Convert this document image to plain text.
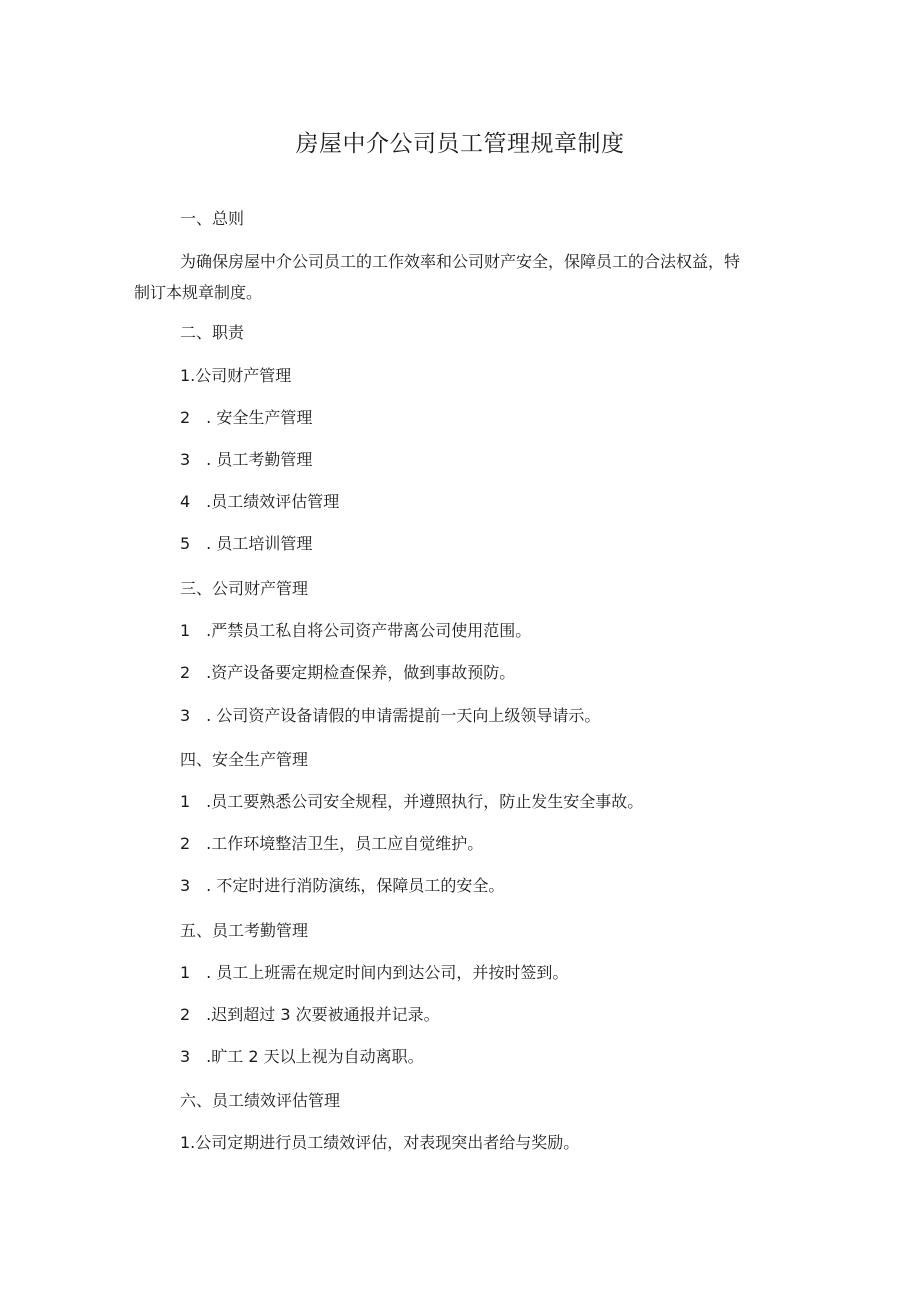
房屋中介公司员工管理规章制度
一、总则
为确保房屋中介公司员工的工作效率和公司财产安全，保障员工的合法权益，特
制订本规章制度。
二、职责
1.公司财产管理
2　. 安全生产管理
3　. 员工考勤管理
4　.员工绩效评估管理
5　. 员工培训管理
三、公司财产管理
1　.严禁员工私自将公司资产带离公司使用范围。
2　.资产设备要定期检查保养，做到事故预防。
3　. 公司资产设备请假的申请需提前一天向上级领导请示。
四、安全生产管理
1　.员工要熟悉公司安全规程，并遵照执行，防止发生安全事故。
2　.工作环境整洁卫生，员工应自觉维护。
3　. 不定时进行消防演练，保障员工的安全。
五、员工考勤管理
1　. 员工上班需在规定时间内到达公司，并按时签到。
2　.迟到超过 3 次要被通报并记录。
3　.旷工 2 天以上视为自动离职。
六、员工绩效评估管理
1.公司定期进行员工绩效评估，对表现突出者给与奖励。
